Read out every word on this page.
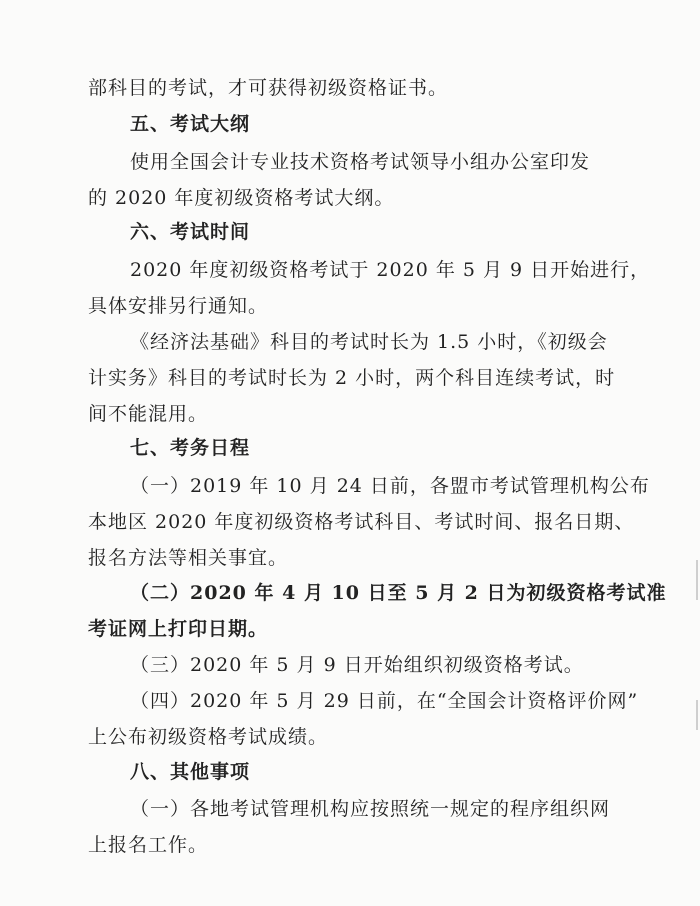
部科目的考试，才可获得初级资格证书。
五、考试大纲
使用全国会计专业技术资格考试领导小组办公室印发
的 2020 年度初级资格考试大纲。
六、考试时间
2020 年度初级资格考试于 2020 年 5 月 9 日开始进行，
具体安排另行通知。
《经济法基础》科目的考试时长为 1.5 小时，《初级会
计实务》科目的考试时长为 2 小时，两个科目连续考试，时
间不能混用。
七、考务日程
（一）2019 年 10 月 24 日前，各盟市考试管理机构公布
本地区 2020 年度初级资格考试科目、考试时间、报名日期、
报名方法等相关事宜。
（二）2020 年 4 月 10 日至 5 月 2 日为初级资格考试准
考证网上打印日期。
（三）2020 年 5 月 9 日开始组织初级资格考试。
（四）2020 年 5 月 29 日前，在“全国会计资格评价网”
上公布初级资格考试成绩。
八、其他事项
（一）各地考试管理机构应按照统一规定的程序组织网
上报名工作。
